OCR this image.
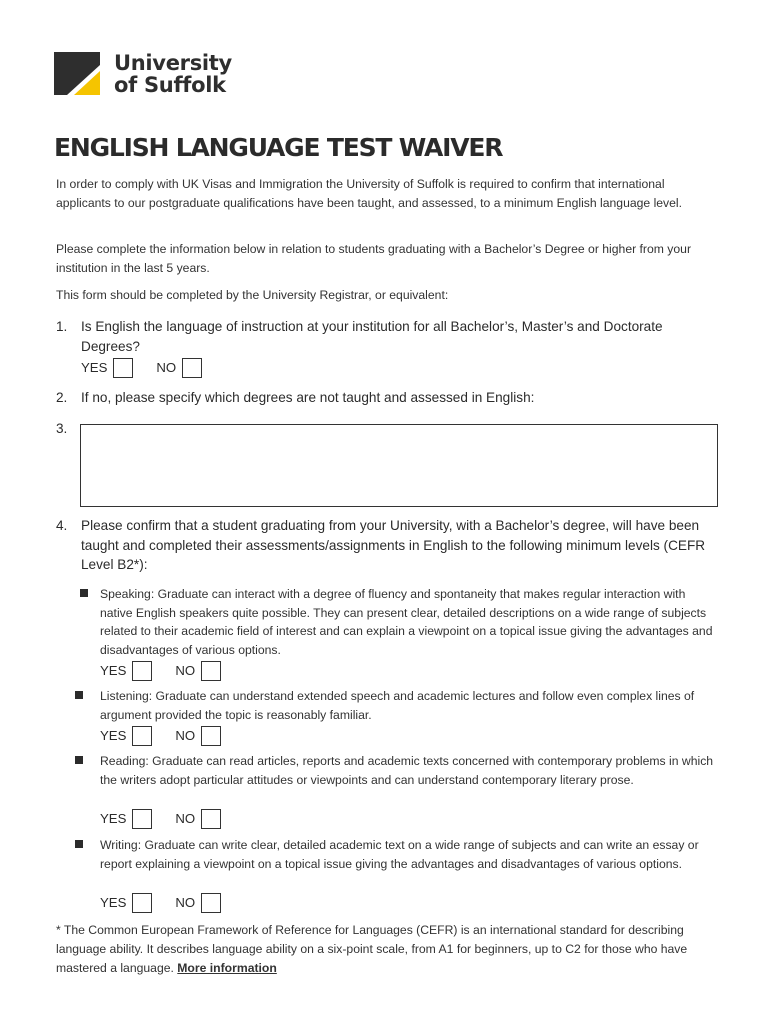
University
of Suffolk
ENGLISH LANGUAGE TEST WAIVER

In order to comply with UK Visas and Immigration the University of Suffolk is required to confirm that international applicants to our postgraduate qualifications have been taught, and assessed, to a minimum English language level.

Please complete the information below in relation to students graduating with a Bachelor’s Degree or higher from your institution in the last 5 years.

This form should be completed by the University Registrar, or equivalent:

1. Is English the language of instruction at your institution for all Bachelor’s, Master’s and Doctorate Degrees?

YES	NO
2. If no, please specify which degrees are not taught and assessed in English:

3.
4. Please confirm that a student graduating from your University, with a Bachelor’s degree, will have been taught and completed their assessments/assignments in English to the following minimum levels (CEFR Level B2*):

Speaking: Graduate can interact with a degree of fluency and spontaneity that makes regular interaction with native English speakers quite possible. They can present clear, detailed descriptions on a wide range of subjects related to their academic field of interest and can explain a viewpoint on a topical issue giving the advantages and disadvantages of various options.

YES	NO

Listening: Graduate can understand extended speech and academic lectures and follow even complex lines of argument provided the topic is reasonably familiar.

YES	NO

Reading: Graduate can read articles, reports and academic texts concerned with contemporary problems in which the writers adopt particular attitudes or viewpoints and can understand contemporary literary prose.

YES	NO

Writing: Graduate can write clear, detailed academic text on a wide range of subjects and can write an essay or report explaining a viewpoint on a topical issue giving the advantages and disadvantages of various options.

YES	NO

* The Common European Framework of Reference for Languages (CEFR) is an international standard for describing language ability. It describes language ability on a six-point scale, from A1 for beginners, up to C2 for those who have mastered a language. More information
